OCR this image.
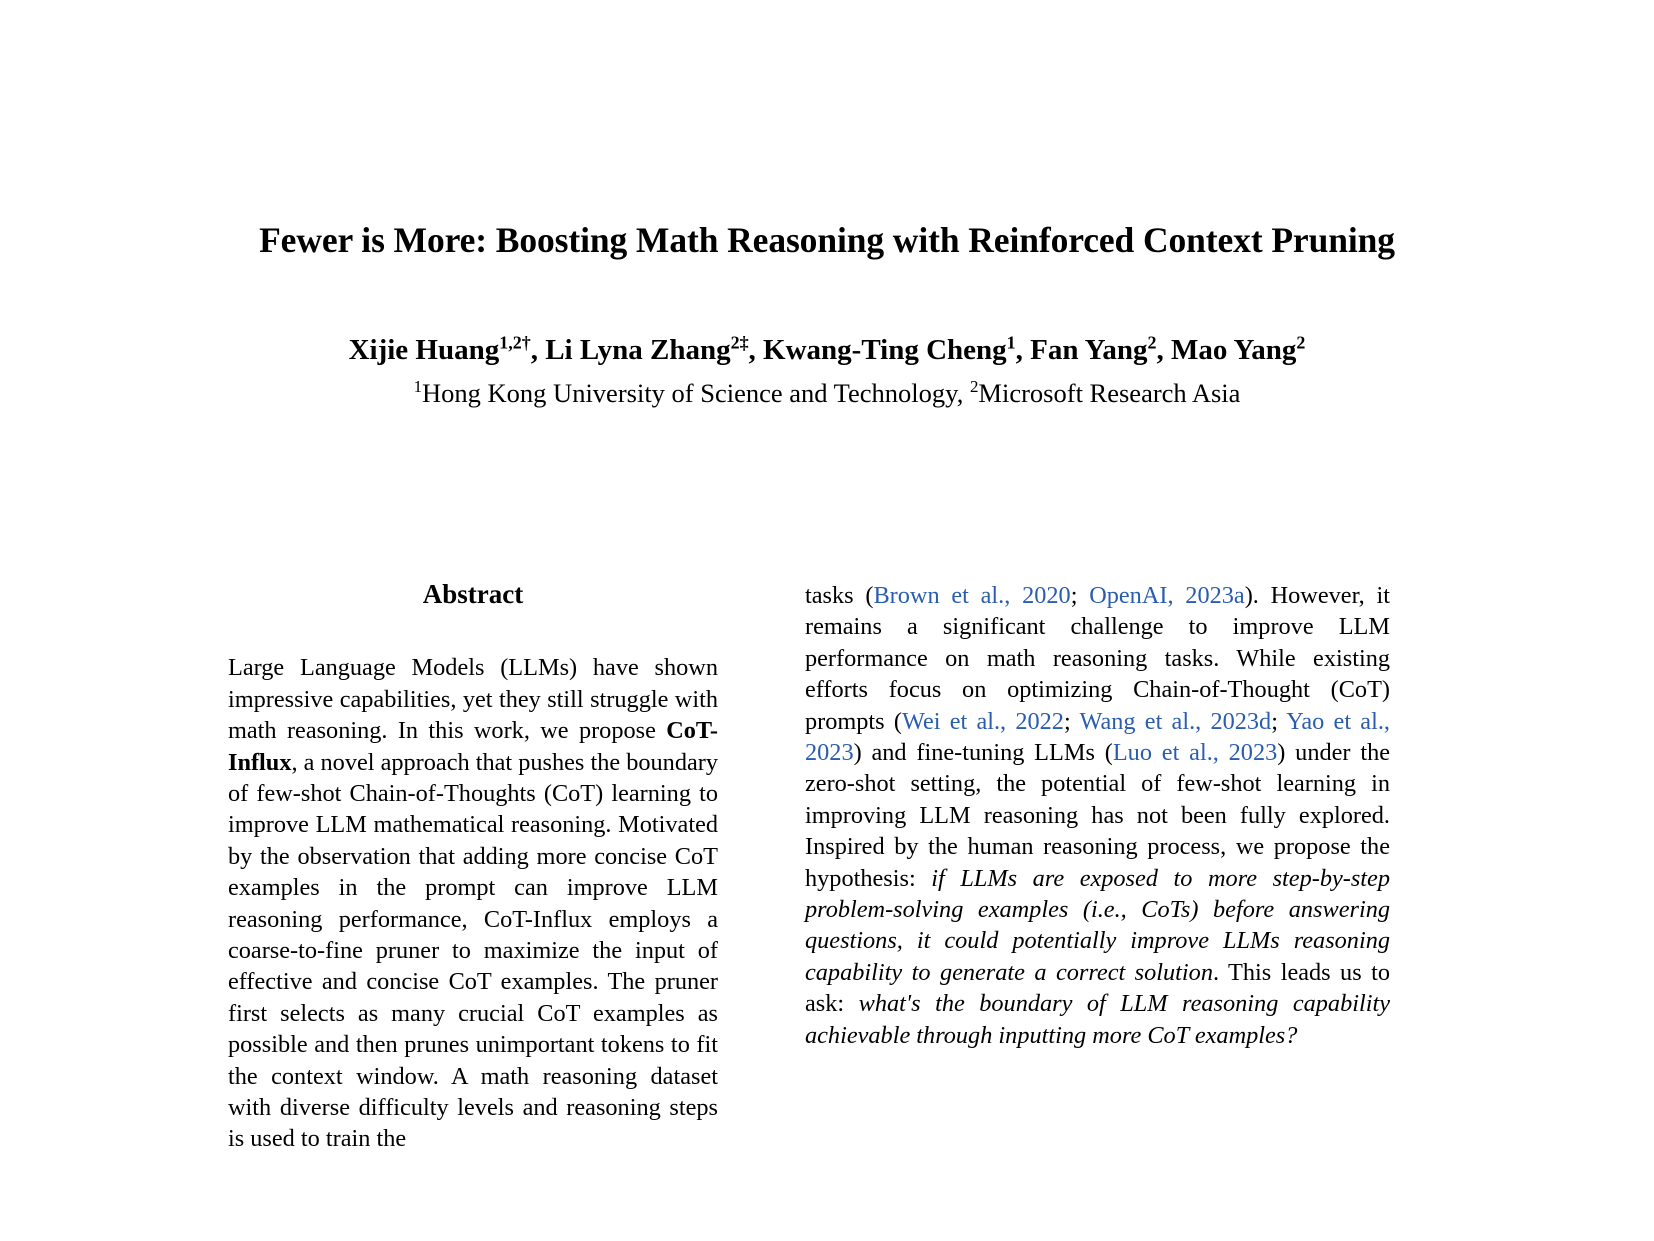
Fewer is More: Boosting Math Reasoning with Reinforced Context Pruning
Xijie Huang$^{1,2\dagger}$, Li Lyna Zhang$^{2\ddagger}$, Kwang-Ting Cheng$^1$, Fan Yang$^2$, Mao Yang$^2$
$^1$Hong Kong University of Science and Technology, $^2$Microsoft Research Asia
Abstract

Large Language Models (LLMs) have shown impressive capabilities, yet they still struggle with math reasoning. In this work, we propose CoT-Influx, a novel approach that pushes the boundary of few-shot Chain-of-Thoughts (CoT) learning to improve LLM mathematical reasoning. Motivated by the observation that adding more concise CoT examples in the prompt can improve LLM reasoning performance, CoT-Influx employs a coarse-to-fine pruner to maximize the input of effective and concise CoT examples. The pruner first selects as many crucial CoT examples as possible and then prunes unimportant tokens to fit the context window. A math reasoning dataset with diverse difficulty levels and reasoning steps is used to train the

tasks (Brown et al., 2020; OpenAI, 2023a). However, it remains a significant challenge to improve LLM performance on math reasoning tasks. While existing efforts focus on optimizing Chain-of-Thought (CoT) prompts (Wei et al., 2022; Wang et al., 2023d; Yao et al., 2023) and fine-tuning LLMs (Luo et al., 2023) under the zero-shot setting, the potential of few-shot learning in improving LLM reasoning has not been fully explored. Inspired by the human reasoning process, we propose the hypothesis: if LLMs are exposed to more step-by-step problem-solving examples (i.e., CoTs) before answering questions, it could potentially improve LLMs reasoning capability to generate a correct solution. This leads us to ask: what's the boundary of LLM reasoning capability achievable through inputting more CoT examples?
